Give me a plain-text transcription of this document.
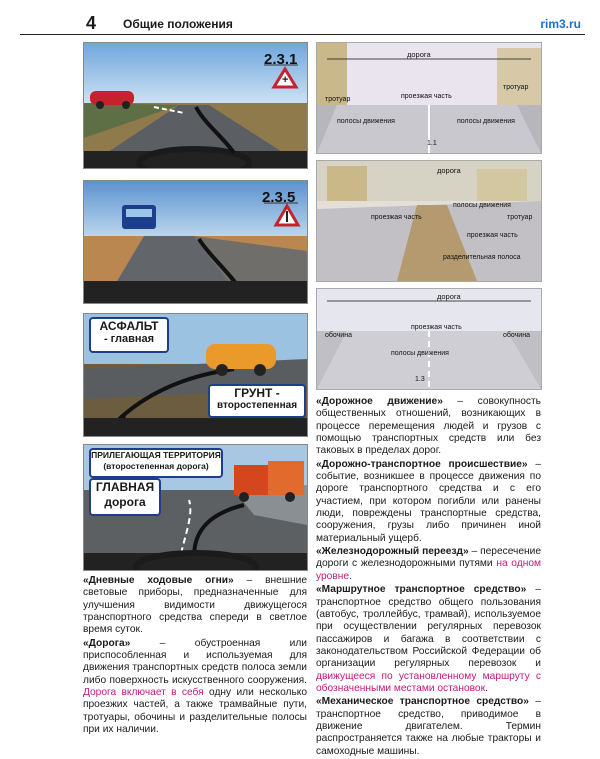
4 Общие положения	rim3.ru
+
2.3.1
2.3.5
АСФАЛЬТ
- главная
ГРУНТ -
второстепенная
ПРИЛЕГАЮЩАЯ ТЕРРИТОРИЯ
(второстепенная дорога)
ГЛАВНАЯ
дорога
дорога
тротуар	проезжая часть
тротуар
полосы движения	полосы движения
1.1
дорога
полосы движения
проезжая часть	тротуар
проезжая часть
разделительная полоса
дорога
обочина
проезжая часть
обочина
полосы движения
1.3

«Дневные ходовые огни» – внешние световые приборы, предназначенные для улучшения видимости движущегося транспортного средства спереди в светлое время суток.

«Дорога» – обустроенная или приспособленная и используемая для движения транспортных средств полоса земли либо поверхность искусственного сооружения. Дорога включает в себя одну или несколько проезжих частей, а также трамвайные пути, тротуары, обочины и разделительные полосы при их наличии.

«Дорожное движение» – совокупность общественных отношений, возникающих в процессе перемещения людей и грузов с помощью транспортных средств или без таковых в пределах дорог.

«Дорожно-транспортное происшествие» – событие, возникшее в процессе движения по дороге транспортного средства и с его участием, при котором погибли или ранены люди, повреждены транспортные средства, сооружения, грузы либо причинен иной материальный ущерб.

«Железнодорожный переезд» – пересечение дороги с железнодорожными путями на одном уровне.

«Маршрутное транспортное средство» – транспортное средство общего пользования (автобус, троллейбус, трамвай), используемое при осуществлении регулярных перевозок пассажиров и багажа в соответствии с законодательством Российской Федерации об организации регулярных перевозок и движущееся по установленному маршруту с обозначенными местами остановок.

«Механическое транспортное средство» – транспортное средство, приводимое в движение двигателем. Термин распространяется также на любые тракторы и самоходные машины.
